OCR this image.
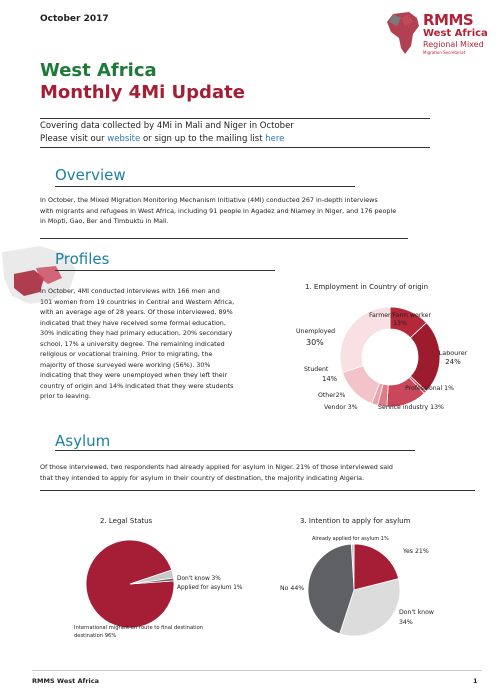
October 2017	RMMS
West Africa
Regional Mixed
Migration Secretariat
West Africa
Monthly 4Mi Update
Covering data collected by 4Mi in Mali and Niger in October
Please visit our website or sign up to the mailing list here
Overview
In October, the Mixed Migration Monitoring Mechanism Initiative (4MI) conducted 267 in-depth interviews
with migrants and refugees in West Africa, including 91 people in Agadez and Niamey in Niger, and 176 people
in Mopti, Gao, Ber and Timbuktu in Mali.
Profiles
In October, 4MI conducted interviews with 166 men and
101 women from 19 countries in Central and Western Africa,
with an average age of 28 years. Of those interviewed, 89%
indicated that they have received some formal education,
30% indicating they had primary education, 20% secondary
school, 17% a university degree. The remaining indicated
religious or vocational training. Prior to migrating, the
majority of those surveyed were working (56%). 30%
indicating that they were unemployed when they left their
country of origin and 14% indicated that they were students
prior to leaving.
1. Employment in Country of origin
Farmer/Farm worker
13%
Labourer
24%
Professional 1%
Service industry 13%
Vendor 3%
Other2%
Student
14%
Unemployed
30%
Asylum
Of those interviewed, two respondents had already applied for asylum in Niger. 21% of those interviewed said
that they intended to apply for asylum in their country of destination, the majority indicating Algeria.
2. Legal Status
Don't know 3%
Applied for asylum 1%
International migrant en route to final destination
destination 96%
3. Intention to apply for asylum
Already applied for asylum 1%
Yes 21%
Don't know
34%
No 44%
RMMS West Africa	1
